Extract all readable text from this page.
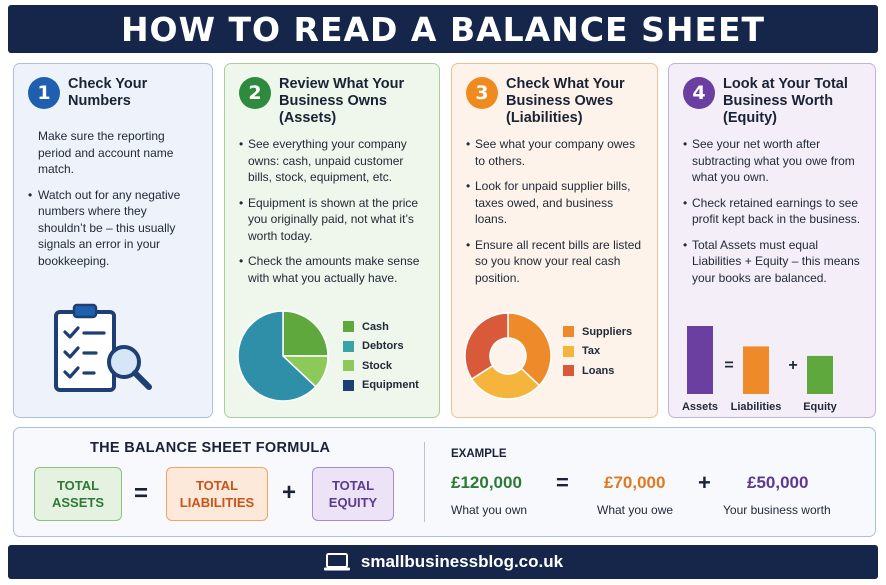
HOW TO READ A BALANCE SHEET
1	Check Your Numbers
Make sure the reporting period and account name match.
• Watch out for any negative numbers where they shouldn’t be – this usually signals an error in your bookkeeping.
2	Review What Your Business Owns (Assets)
• See everything your company owns: cash, unpaid customer bills, stock, equipment, etc.
• Equipment is shown at the price you originally paid, not what it’s worth today.
• Check the amounts make sense with what you actually have.
Cash
Debtors
Stock
Equipment
3	Check What Your Business Owes (Liabilities)
• See what your company owes to others.
• Look for unpaid supplier bills, taxes owed, and business loans.
• Ensure all recent bills are listed so you know your real cash position.
Suppliers
Tax
Loans
4	Look at Your Total Business Worth (Equity)
• See your net worth after subtracting what you owe from what you own.
• Check retained earnings to see profit kept back in the business.
• Total Assets must equal Liabilities + Equity – this means your books are balanced.
Assets Liabilities Equity
=	+
THE BALANCE SHEET FORMULA
TOTAL ASSETS	=	TOTAL LIABILITIES	+	TOTAL EQUITY
EXAMPLE
£120,000
What you own
= £70,000
What you owe
+ £50,000
Your business worth
smallbusinessblog.co.uk
